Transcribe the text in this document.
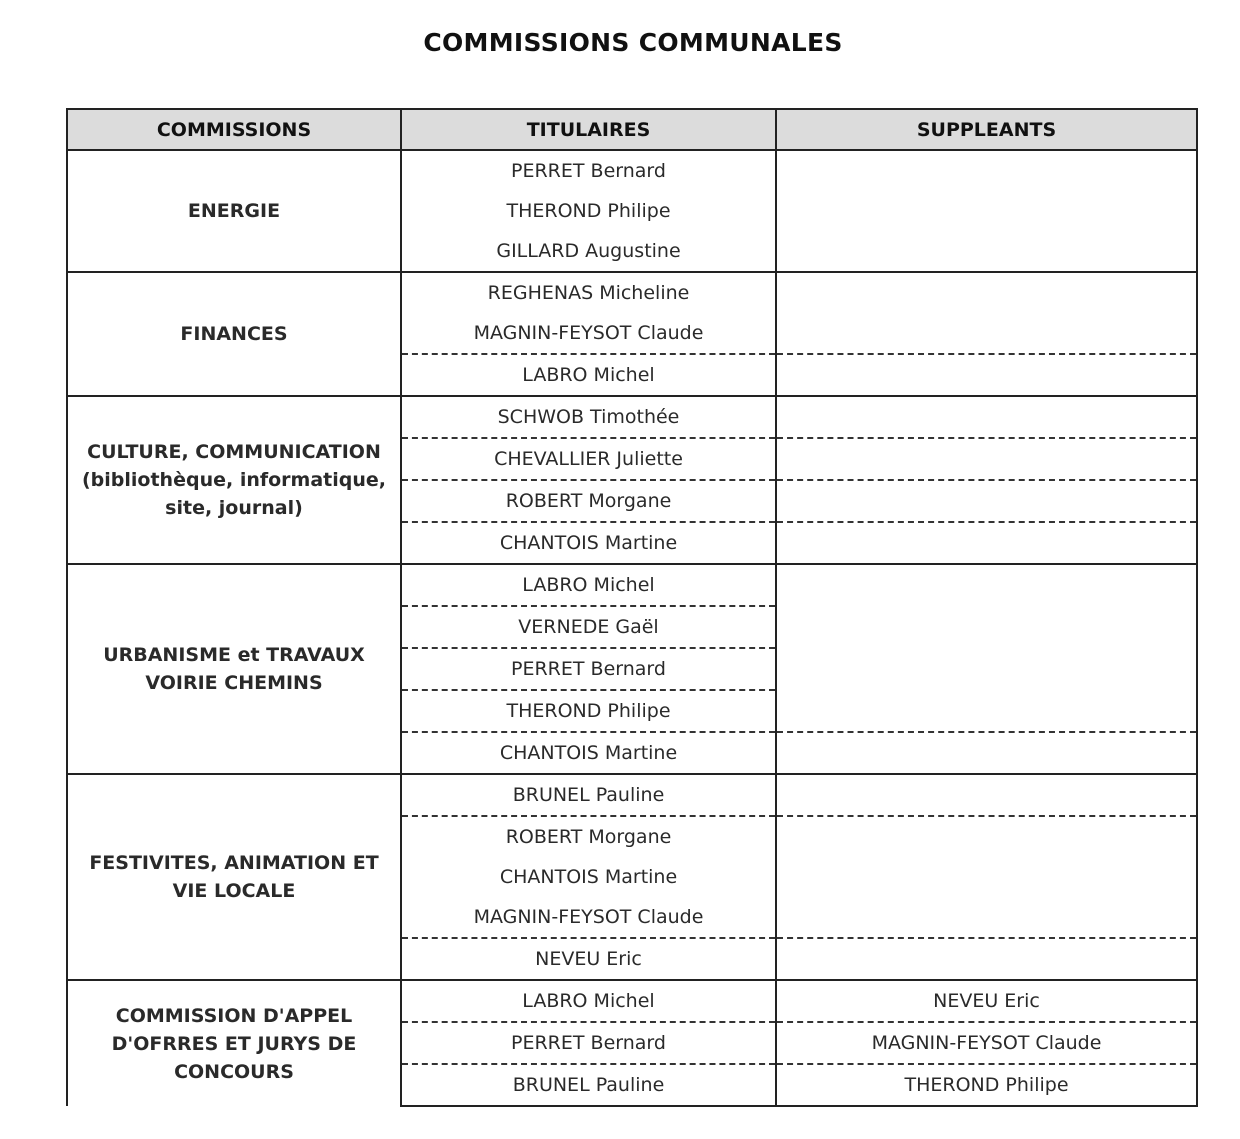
COMMISSIONS COMMUNALES
COMMISSIONS	TITULAIRES	SUPPLEANTS
ENERGIE	PERRET Bernard	
	THEROND Philipe	
	GILLARD Augustine	
FINANCES	REGHENAS Micheline	
	MAGNIN-FEYSOT Claude	
	LABRO Michel	
CULTURE, COMMUNICATION
(bibliothèque, informatique,
site, journal)	SCHWOB Timothée	
	CHEVALLIER Juliette	
	ROBERT Morgane	
	CHANTOIS Martine	
URBANISME et TRAVAUX
VOIRIE CHEMINS	LABRO Michel	
	VERNEDE Gaël	
	PERRET Bernard	
	THEROND Philipe	
	CHANTOIS Martine	
FESTIVITES, ANIMATION ET
VIE LOCALE	BRUNEL Pauline	
	ROBERT Morgane	
	CHANTOIS Martine	
	MAGNIN-FEYSOT Claude	
	NEVEU Eric	
COMMISSION D'APPEL
D'OFRRES ET JURYS DE
CONCOURS	LABRO Michel	NEVEU Eric
	PERRET Bernard	MAGNIN-FEYSOT Claude
	BRUNEL Pauline	THEROND Philipe
